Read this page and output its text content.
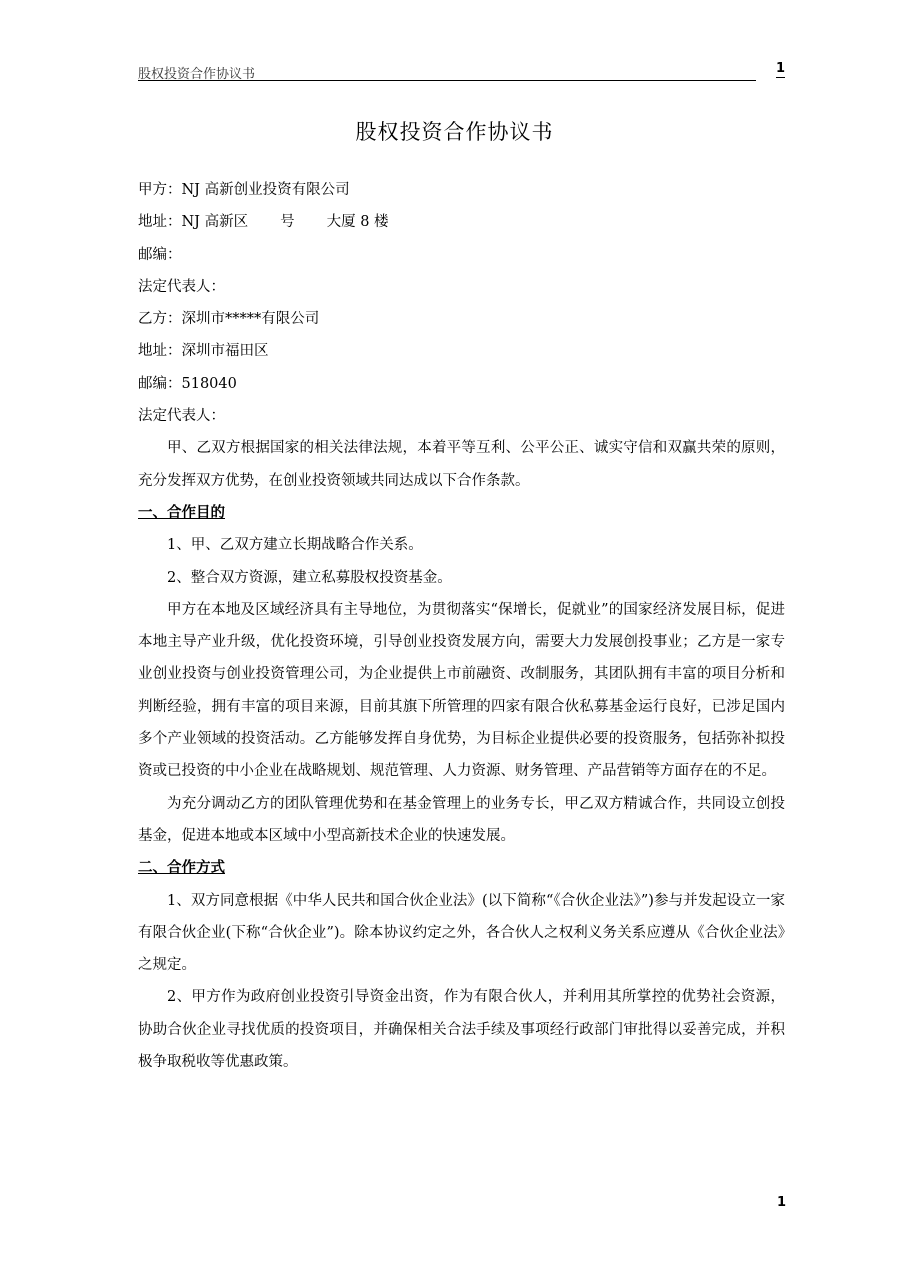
股权投资合作协议书	1
股权投资合作协议书
甲方：NJ 高新创业投资有限公司
地址：NJ 高新区 号 大厦 8 楼
邮编：
法定代表人：
乙方：深圳市*****有限公司
地址：深圳市福田区
邮编：518040
法定代表人：
甲、乙双方根据国家的相关法律法规，本着平等互利、公平公正、诚实守信和双赢共荣的原则，充分发挥双方优势，在创业投资领域共同达成以下合作条款。
一、合作目的
1、甲、乙双方建立长期战略合作关系。
2、整合双方资源，建立私募股权投资基金。
甲方在本地及区域经济具有主导地位，为贯彻落实“保增长，促就业”的国家经济发展目标，促进本地主导产业升级，优化投资环境，引导创业投资发展方向，需要大力发展创投事业；乙方是一家专业创业投资与创业投资管理公司，为企业提供上市前融资、改制服务，其团队拥有丰富的项目分析和判断经验，拥有丰富的项目来源，目前其旗下所管理的四家有限合伙私募基金运行良好，已涉足国内多个产业领域的投资活动。乙方能够发挥自身优势，为目标企业提供必要的投资服务，包括弥补拟投资或已投资的中小企业在战略规划、规范管理、人力资源、财务管理、产品营销等方面存在的不足。
为充分调动乙方的团队管理优势和在基金管理上的业务专长，甲乙双方精诚合作，共同设立创投基金，促进本地或本区域中小型高新技术企业的快速发展。
二、合作方式
1、双方同意根据《中华人民共和国合伙企业法》(以下简称“《合伙企业法》”)参与并发起设立一家有限合伙企业(下称“合伙企业”)。除本协议约定之外，各合伙人之权利义务关系应遵从《合伙企业法》之规定。
2、甲方作为政府创业投资引导资金出资，作为有限合伙人，并利用其所掌控的优势社会资源，协助合伙企业寻找优质的投资项目，并确保相关合法手续及事项经行政部门审批得以妥善完成，并积极争取税收等优惠政策。
1
